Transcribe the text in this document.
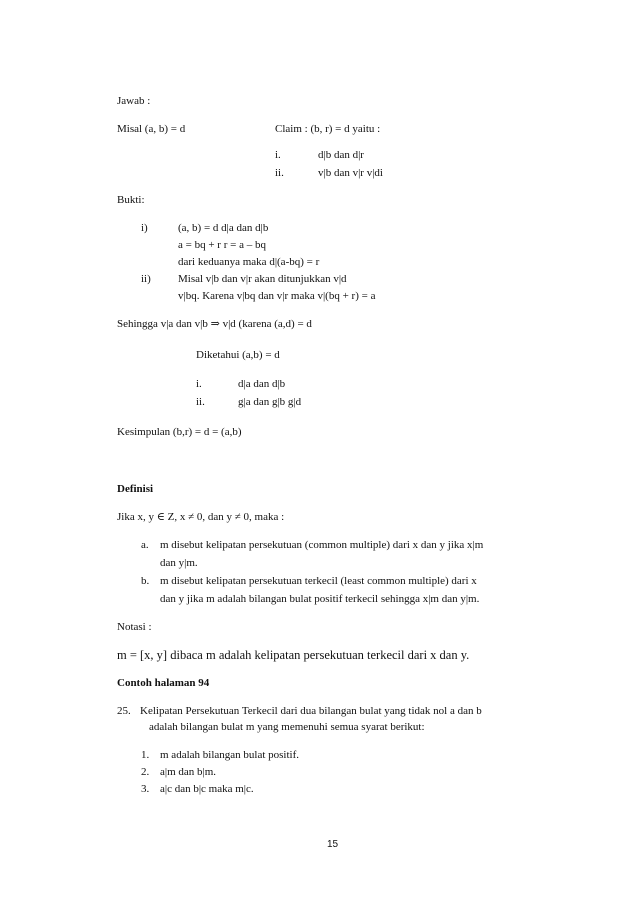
Jawab :
Misal (a, b) = d	Claim : (b, r) = d yaitu :
i.	d|b dan d|r
ii.	v|b dan v|r v|di
Bukti:
i)	(a, b) = d d|a dan d|b
a = bq + r r = a – bq
dari keduanya maka d|(a-bq) = r
ii) Misal v|b dan v|r akan ditunjukkan v|d
v|bq. Karena v|bq dan v|r maka v|(bq + r) = a
Sehingga v|a dan v|b ⇒ v|d (karena (a,d) = d
Diketahui (a,b) = d
i.	d|a dan d|b
ii.	g|a dan g|b g|d
Kesimpulan (b,r) = d = (a,b)
Definisi
Jika x, y ∈ Z, x ≠ 0, dan y ≠ 0, maka :
a. m disebut kelipatan persekutuan (common multiple) dari x dan y jika x|m
dan y|m.
b. m disebut kelipatan persekutuan terkecil (least common multiple) dari x
dan y jika m adalah bilangan bulat positif terkecil sehingga x|m dan y|m.
Notasi :
m = [x, y] dibaca m adalah kelipatan persekutuan terkecil dari x dan y.
Contoh halaman 94
25. Kelipatan Persekutuan Terkecil dari dua bilangan bulat yang tidak nol a dan b
adalah bilangan bulat m yang memenuhi semua syarat berikut:
1. m adalah bilangan bulat positif.
2. a|m dan b|m.
3. a|c dan b|c maka m|c.
15
